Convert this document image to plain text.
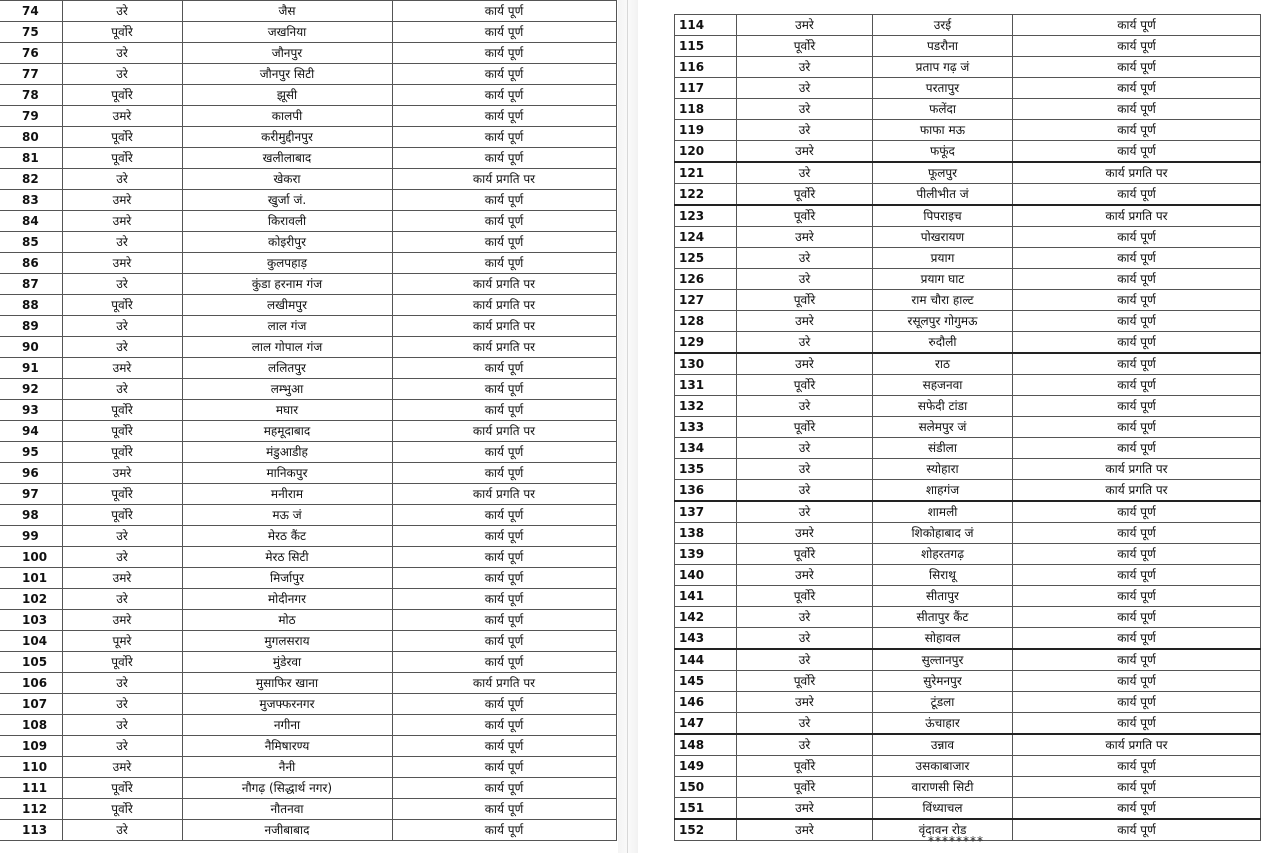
74	उरे	जैस	कार्य पूर्ण
75	पूर्वोरे	जखनिया	कार्य पूर्ण
76	उरे	जौनपुर	कार्य पूर्ण
77	उरे	जौनपुर सिटी	कार्य पूर्ण
78	पूर्वोरे	झूसी	कार्य पूर्ण
79	उमरे	कालपी	कार्य पूर्ण
80	पूर्वोरे	करीमुद्दीनपुर	कार्य पूर्ण
81	पूर्वोरे	खलीलाबाद	कार्य पूर्ण
82	उरे	खेकरा	कार्य प्रगति पर
83	उमरे	खुर्जा जं.	कार्य पूर्ण
84	उमरे	किरावली	कार्य पूर्ण
85	उरे	कोइरीपुर	कार्य पूर्ण
86	उमरे	कुलपहाड़	कार्य पूर्ण
87	उरे	कुंडा हरनाम गंज	कार्य प्रगति पर
88	पूर्वोरे	लखीमपुर	कार्य प्रगति पर
89	उरे	लाल गंज	कार्य प्रगति पर
90	उरे	लाल गोपाल गंज	कार्य प्रगति पर
91	उमरे	ललितपुर	कार्य पूर्ण
92	उरे	लम्भुआ	कार्य पूर्ण
93	पूर्वोरे	मघार	कार्य पूर्ण
94	पूर्वोरे	महमूदाबाद	कार्य प्रगति पर
95	पूर्वोरे	मंडुआडीह	कार्य पूर्ण
96	उमरे	मानिकपुर	कार्य पूर्ण
97	पूर्वोरे	मनीराम	कार्य प्रगति पर
98	पूर्वोरे	मऊ जं	कार्य पूर्ण
99	उरे	मेरठ कैंट	कार्य पूर्ण
100	उरे	मेरठ सिटी	कार्य पूर्ण
101	उमरे	मिर्जापुर	कार्य पूर्ण
102	उरे	मोदीनगर	कार्य पूर्ण
103	उमरे	मोठ	कार्य पूर्ण
104	पूमरे	मुगलसराय	कार्य पूर्ण
105	पूर्वोरे	मुंडेरवा	कार्य पूर्ण
106	उरे	मुसाफिर खाना	कार्य प्रगति पर
107	उरे	मुजफ्फरनगर	कार्य पूर्ण
108	उरे	नगीना	कार्य पूर्ण
109	उरे	नैमिषारण्य	कार्य पूर्ण
110	उमरे	नैनी	कार्य पूर्ण
111	पूर्वोरे	नौगढ़ (सिद्धार्थ नगर)	कार्य पूर्ण
112	पूर्वोरे	नौतनवा	कार्य पूर्ण
113	उरे	नजीबाबाद	कार्य पूर्ण
114	उमरे	उरई	कार्य पूर्ण
115	पूर्वोरे	पडरौना	कार्य पूर्ण
116	उरे	प्रताप गढ़ जं	कार्य पूर्ण
117	उरे	परतापुर	कार्य पूर्ण
118	उरे	फलेंदा	कार्य पूर्ण
119	उरे	फाफा मऊ	कार्य पूर्ण
120	उमरे	फफूंद	कार्य पूर्ण
121	उरे	फूलपुर	कार्य प्रगति पर
122	पूर्वोरे	पीलीभीत जं	कार्य पूर्ण
123	पूर्वोरे	पिपराइच	कार्य प्रगति पर
124	उमरे	पोखरायण	कार्य पूर्ण
125	उरे	प्रयाग	कार्य पूर्ण
126	उरे	प्रयाग घाट	कार्य पूर्ण
127	पूर्वोरे	राम चौरा हाल्ट	कार्य पूर्ण
128	उमरे	रसूलपुर गोगुमऊ	कार्य पूर्ण
129	उरे	रुदौली	कार्य पूर्ण
130	उमरे	राठ	कार्य पूर्ण
131	पूर्वोरे	सहजनवा	कार्य पूर्ण
132	उरे	सफेदी टांडा	कार्य पूर्ण
133	पूर्वोरे	सलेमपुर जं	कार्य पूर्ण
134	उरे	संडीला	कार्य पूर्ण
135	उरे	स्योहारा	कार्य प्रगति पर
136	उरे	शाहगंज	कार्य प्रगति पर
137	उरे	शामली	कार्य पूर्ण
138	उमरे	शिकोहाबाद जं	कार्य पूर्ण
139	पूर्वोरे	शोहरतगढ़	कार्य पूर्ण
140	उमरे	सिराथू	कार्य पूर्ण
141	पूर्वोरे	सीतापुर	कार्य पूर्ण
142	उरे	सीतापुर कैंट	कार्य पूर्ण
143	उरे	सोहावल	कार्य पूर्ण
144	उरे	सुल्तानपुर	कार्य पूर्ण
145	पूर्वोरे	सुरेमनपुर	कार्य पूर्ण
146	उमरे	टूंडला	कार्य पूर्ण
147	उरे	ऊंचाहार	कार्य पूर्ण
148	उरे	उन्नाव	कार्य प्रगति पर
149	पूर्वोरे	उसकाबाजार	कार्य पूर्ण
150	पूर्वोरे	वाराणसी सिटी	कार्य पूर्ण
151	उमरे	विंध्याचल	कार्य पूर्ण
152	उमरे	वृंदावन रोड	कार्य पूर्ण
********
